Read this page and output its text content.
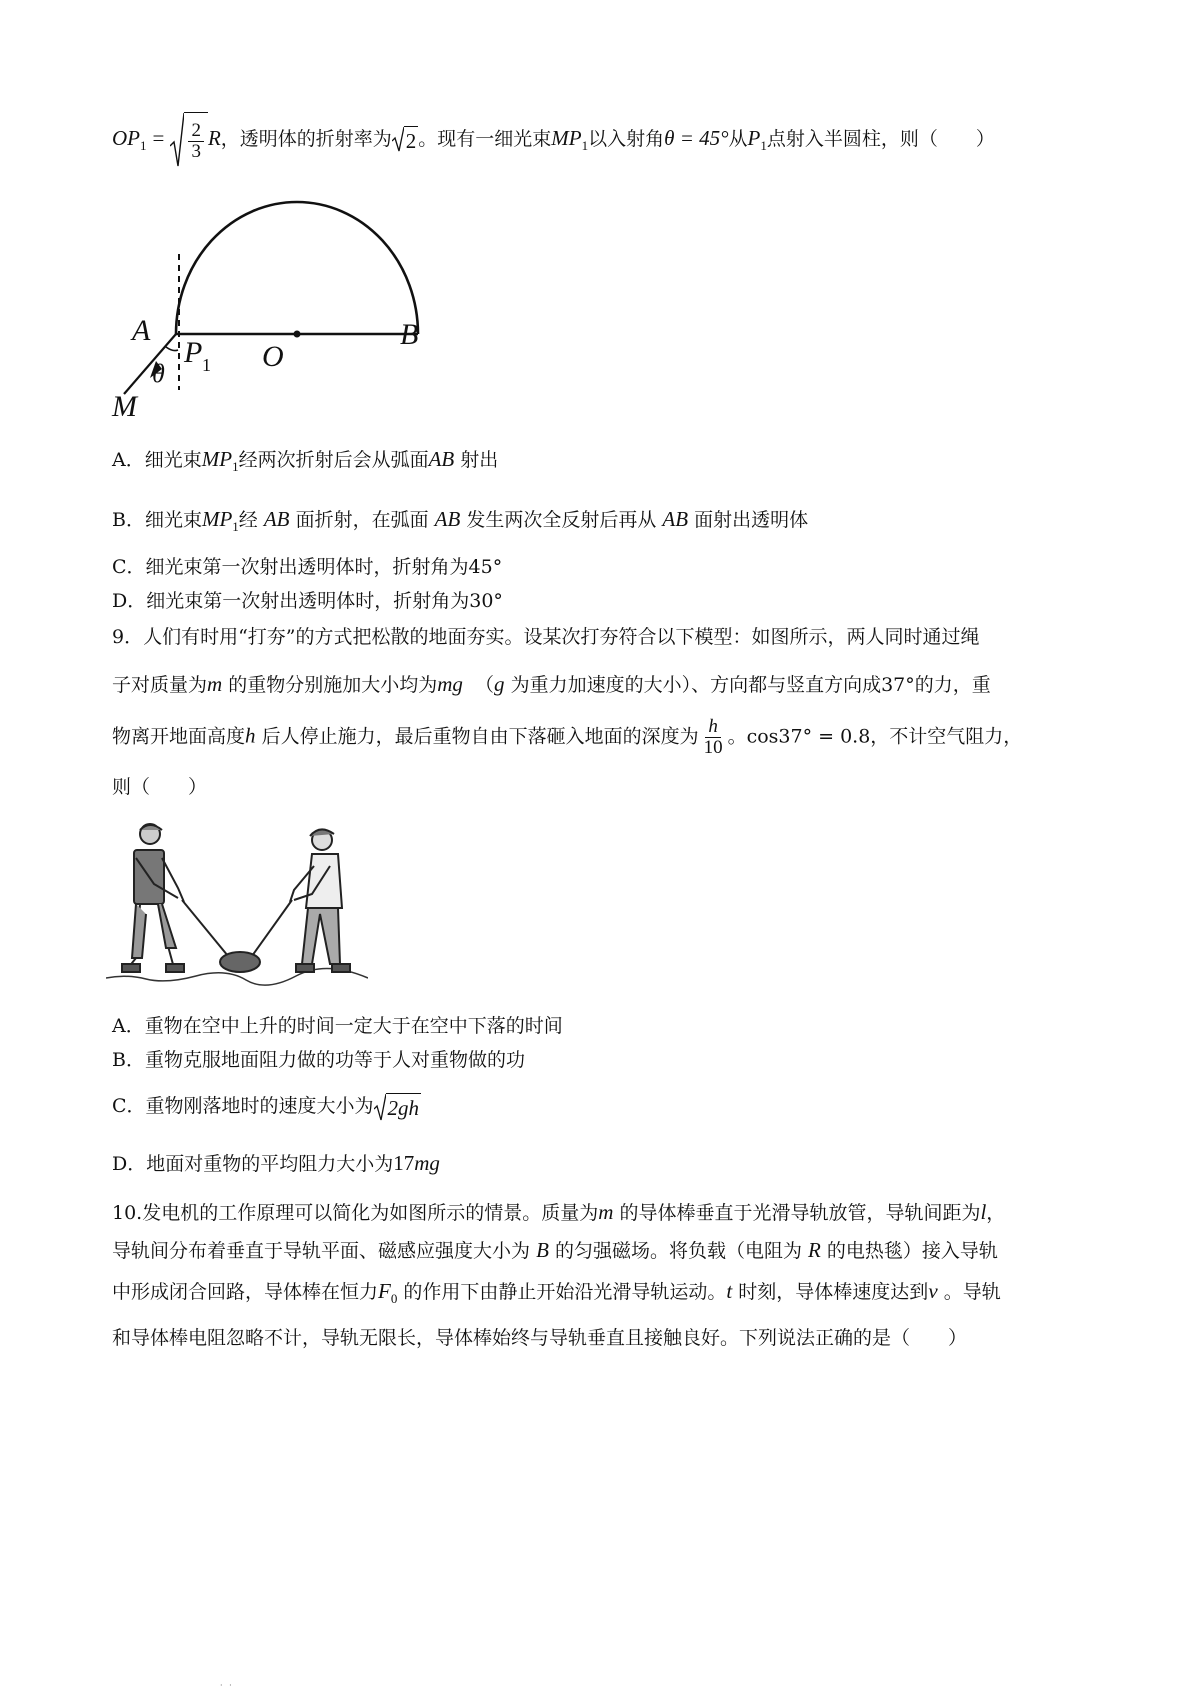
$OP_1 = \frac{2}{3}$ R，透明体的折射率为 2 。现有一细光束$MP_1$以入射角θ = 45°从$P_1$点射入半圆柱，则（　　）
A	B
O
P 1
θ
M
A．细光束$MP_1$经两次折射后会从弧面AB 射出
B．细光束$MP_1$经 AB 面折射，在弧面 AB 发生两次全反射后再从 AB 面射出透明体
C．细光束第一次射出透明体时，折射角为45°
D．细光束第一次射出透明体时，折射角为30°
9．人们有时用“打夯”的方式把松散的地面夯实。设某次打夯符合以下模型：如图所示，两人同时通过绳
子对质量为m 的重物分别施加大小均为mg （g 为重力加速度的大小）、方向都与竖直方向成37°的力，重
物离开地面高度h 后人停止施力，最后重物自由下落砸入地面的深度为 $\frac{h}{10}$ 。cos37° = 0.8，不计空气阻力，
则（　　）
A．重物在空中上升的时间一定大于在空中下落的时间
B．重物克服地面阻力做的功等于人对重物做的功
C．重物刚落地时的速度大小为 2gh
D．地面对重物的平均阻力大小为17mg
10.发电机的工作原理可以简化为如图所示的情景。质量为m 的导体棒垂直于光滑导轨放管，导轨间距为l，
导轨间分布着垂直于导轨平面、磁感应强度大小为 B 的匀强磁场。将负载（电阻为 R 的电热毯）接入导轨
中形成闭合回路，导体棒在恒力$F_0$ 的作用下由静止开始沿光滑导轨运动。t 时刻，导体棒速度达到v 。导轨
和导体棒电阻忽略不计，导轨无限长，导体棒始终与导轨垂直且接触良好。下列说法正确的是（　　）
· ·
